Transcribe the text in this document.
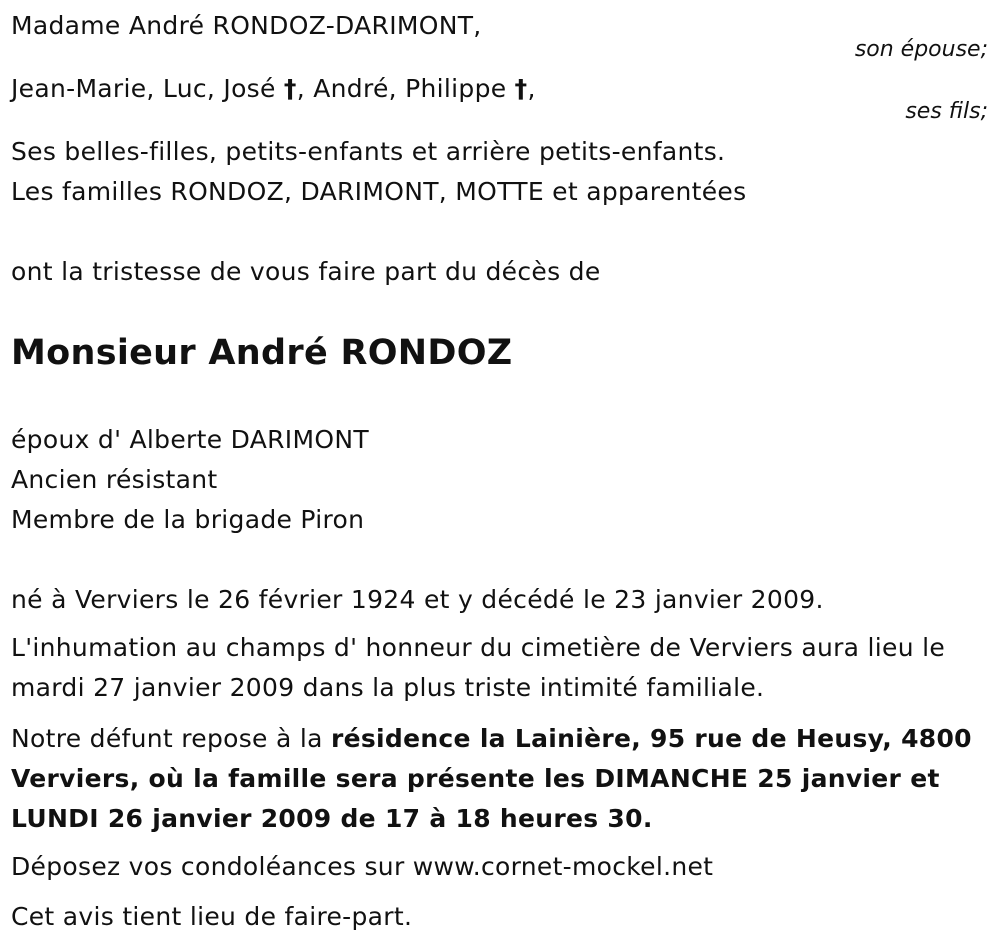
Madame André RONDOZ-DARIMONT,
son épouse;
Jean-Marie, Luc, José †, André, Philippe †,
ses fils;
Ses belles-filles, petits-enfants et arrière petits-enfants.
Les familles RONDOZ, DARIMONT, MOTTE et apparentées
ont la tristesse de vous faire part du décès de
Monsieur André RONDOZ
époux d' Alberte DARIMONT
Ancien résistant
Membre de la brigade Piron
né à Verviers le 26 février 1924 et y décédé le 23 janvier 2009.
L'inhumation au champs d' honneur du cimetière de Verviers aura lieu le
mardi 27 janvier 2009 dans la plus triste intimité familiale.
Notre défunt repose à la résidence la Lainière, 95 rue de Heusy, 4800
Verviers, où la famille sera présente les DIMANCHE 25 janvier et
LUNDI 26 janvier 2009 de 17 à 18 heures 30.
Déposez vos condoléances sur www.cornet-mockel.net
Cet avis tient lieu de faire-part.
